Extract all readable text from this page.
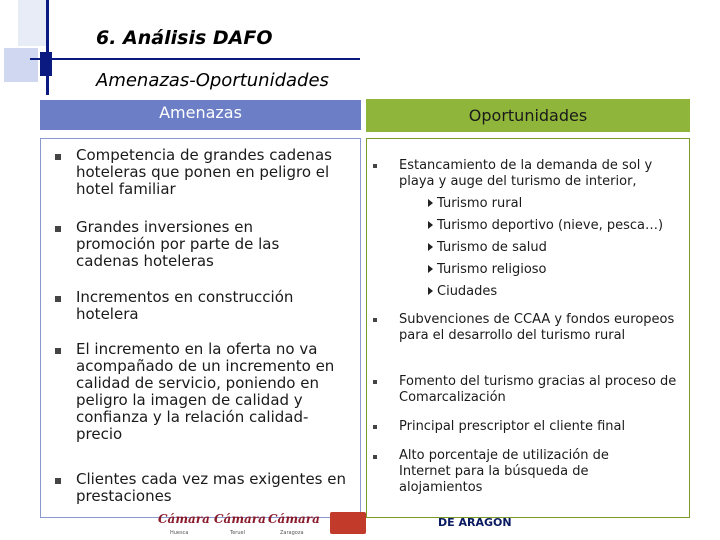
6. Análisis DAFO
Amenazas-Oportunidades
Amenazas	Oportunidades
Competencia de grandes cadenas hoteleras que ponen en peligro el hotel familiar
Grandes inversiones en promoción por parte de las cadenas hoteleras
Incrementos en construcción hotelera
El incremento en la oferta no va acompañado de un incremento en calidad de servicio, poniendo en peligro la imagen de calidad y confianza y la relación calidad-precio
Clientes cada vez mas exigentes en prestaciones
Estancamiento de la demanda de sol y playa y auge del turismo de interior,
Turismo rural
Turismo deportivo (nieve, pesca…)
Turismo de salud
Turismo religioso
Ciudades
Subvenciones de CCAA y fondos europeos para el desarrollo del turismo rural
Fomento del turismo gracias al proceso de Comarcalización
Principal prescriptor el cliente final
Alto porcentaje de utilización de Internet para la búsqueda de alojamientos
Cámara
Huesca
Cámara
Teruel
Cámara
Zaragoza
DE ARAGON
